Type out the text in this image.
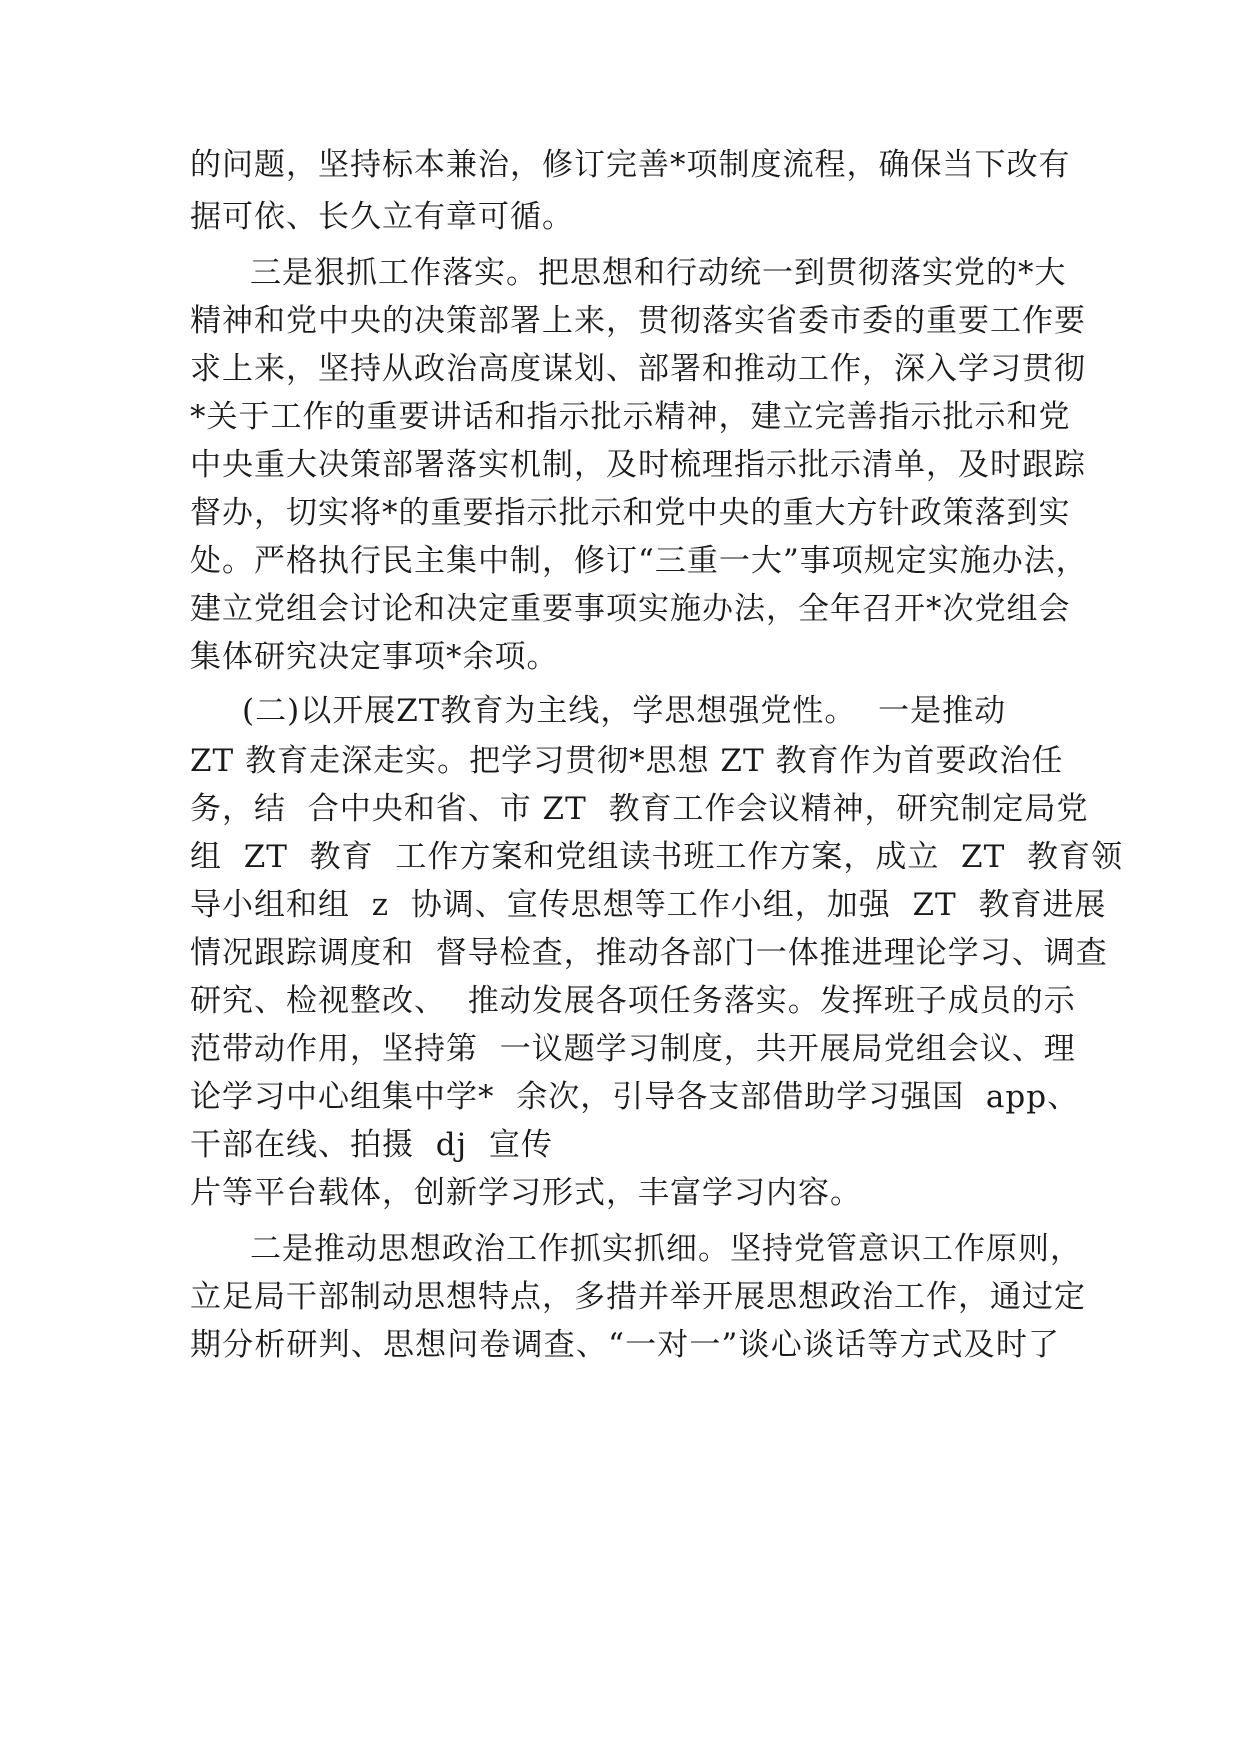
的问题，坚持标本兼治，修订完善*项制度流程，确保当下改有
据可依、长久立有章可循。
三是狠抓工作落实。把思想和行动统一到贯彻落实党的*大
精神和党中央的决策部署上来，贯彻落实省委市委的重要工作要
求上来，坚持从政治高度谋划、部署和推动工作，深入学习贯彻
*关于工作的重要讲话和指示批示精神，建立完善指示批示和党
中央重大决策部署落实机制，及时梳理指示批示清单，及时跟踪
督办，切实将*的重要指示批示和党中央的重大方针政策落到实
处。严格执行民主集中制，修订“三重一大”事项规定实施办法，
建立党组会讨论和决定重要事项实施办法，全年召开*次党组会
集体研究决定事项*余项。
(二)以开展ZT教育为主线，学思想强党性。  一是推动
ZT 教育走深走实。把学习贯彻*思想 ZT 教育作为首要政治任
务，结  合中央和省、市 ZT  教育工作会议精神，研究制定局党
组  ZT  教育  工作方案和党组读书班工作方案，成立  ZT  教育领
导小组和组  z  协调、宣传思想等工作小组，加强  ZT  教育进展
情况跟踪调度和  督导检查，推动各部门一体推进理论学习、调查
研究、检视整改、  推动发展各项任务落实。发挥班子成员的示
范带动作用，坚持第  一议题学习制度，共开展局党组会议、理
论学习中心组集中学*  余次，引导各支部借助学习强国  app、
干部在线、拍摄  dj  宣传
片等平台载体，创新学习形式，丰富学习内容。
二是推动思想政治工作抓实抓细。坚持党管意识工作原则，
立足局干部制动思想特点，多措并举开展思想政治工作，通过定
期分析研判、思想问卷调查、“一对一”谈心谈话等方式及时了
